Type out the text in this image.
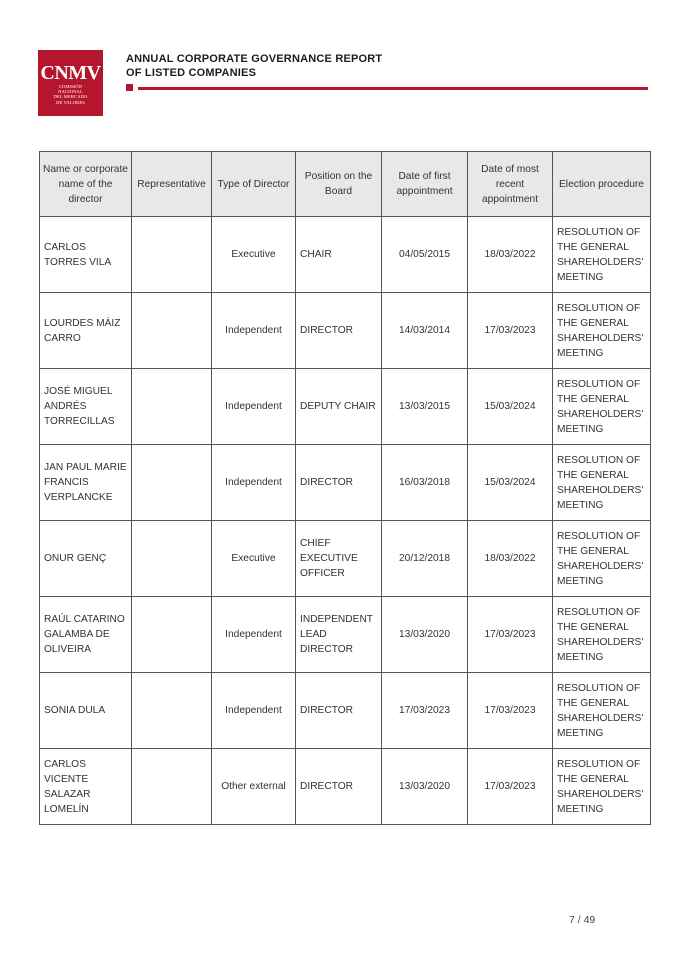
CNMV
COMISIÓN
NACIONAL
DEL MERCADO
DE VALORES
ANNUAL CORPORATE GOVERNANCE REPORT
OF LISTED COMPANIES
Name or corporate name of the director	Representative	Type of Director	Position on the Board	Date of first appointment	Date of most recent appointment	Election procedure
CARLOS TORRES VILA		Executive	CHAIR	04/05/2015	18/03/2022	RESOLUTION OF THE GENERAL SHAREHOLDERS' MEETING
LOURDES MÁIZ CARRO		Independent	DIRECTOR	14/03/2014	17/03/2023	RESOLUTION OF THE GENERAL SHAREHOLDERS' MEETING
JOSÉ MIGUEL ANDRÉS TORRECILLAS		Independent	DEPUTY CHAIR	13/03/2015	15/03/2024	RESOLUTION OF THE GENERAL SHAREHOLDERS' MEETING
JAN PAUL MARIE FRANCIS VERPLANCKE		Independent	DIRECTOR	16/03/2018	15/03/2024	RESOLUTION OF THE GENERAL SHAREHOLDERS' MEETING
ONUR GENÇ		Executive	CHIEF EXECUTIVE OFFICER	20/12/2018	18/03/2022	RESOLUTION OF THE GENERAL SHAREHOLDERS' MEETING
RAÚL CATARINO GALAMBA DE OLIVEIRA		Independent	INDEPENDENT LEAD DIRECTOR	13/03/2020	17/03/2023	RESOLUTION OF THE GENERAL SHAREHOLDERS' MEETING
SONIA DULA		Independent	DIRECTOR	17/03/2023	17/03/2023	RESOLUTION OF THE GENERAL SHAREHOLDERS' MEETING
CARLOS VICENTE SALAZAR LOMELÍN		Other external	DIRECTOR	13/03/2020	17/03/2023	RESOLUTION OF THE GENERAL SHAREHOLDERS' MEETING
7 / 49
